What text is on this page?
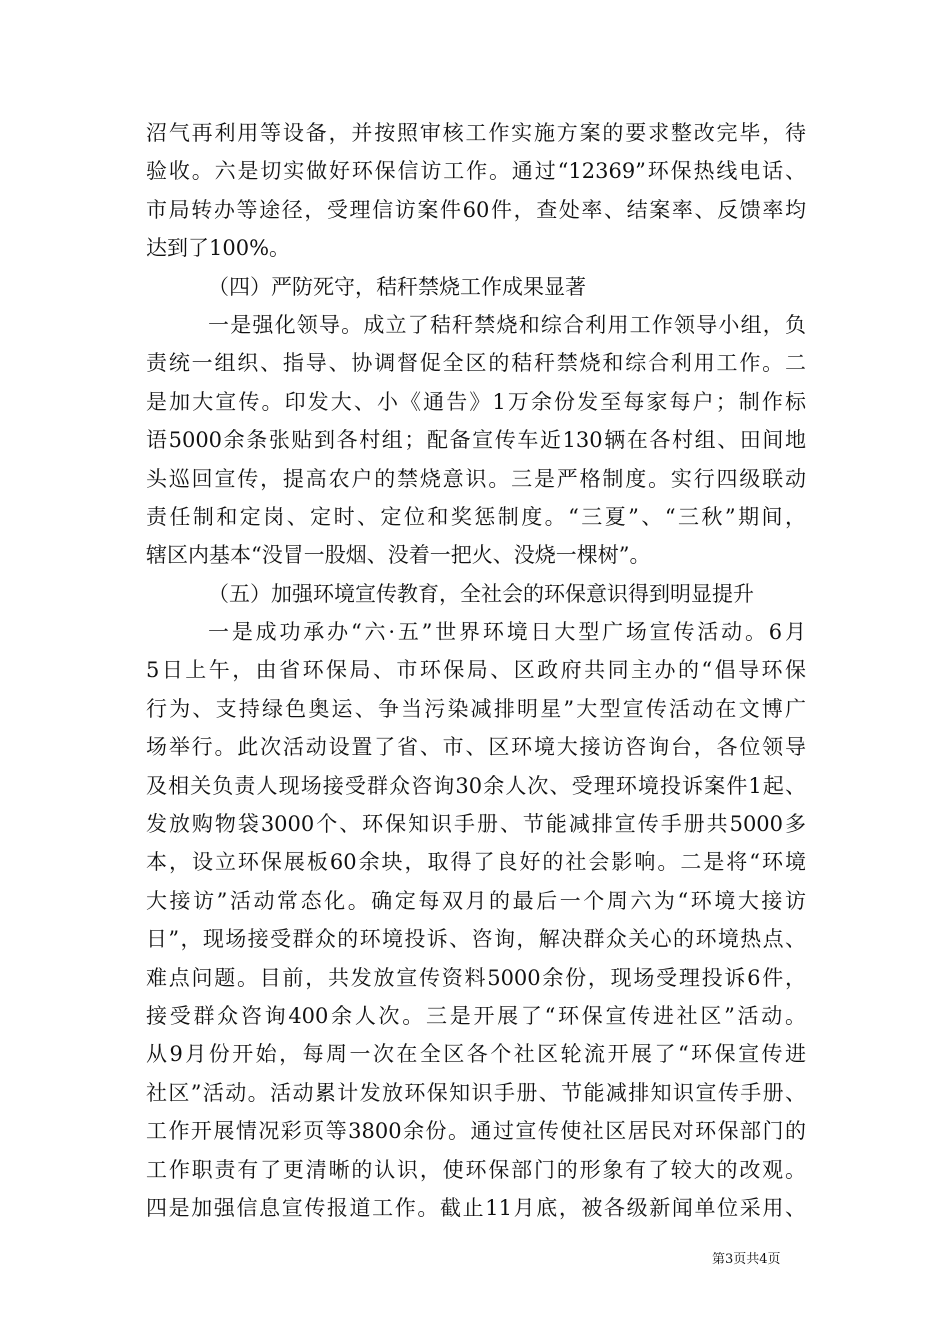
沼气再利用等设备，并按照审核工作实施方案的要求整改完毕，待
验收。六是切实做好环保信访工作。通过“12369”环保热线电话、
市局转办等途径，受理信访案件60件，查处率、结案率、反馈率均
达到了100%。
（四）严防死守，秸秆禁烧工作成果显著
一是强化领导。成立了秸秆禁烧和综合利用工作领导小组，负
责统一组织、指导、协调督促全区的秸秆禁烧和综合利用工作。二
是加大宣传。印发大、小《通告》1万余份发至每家每户；制作标
语5000余条张贴到各村组；配备宣传车近130辆在各村组、田间地
头巡回宣传，提高农户的禁烧意识。三是严格制度。实行四级联动
责任制和定岗、定时、定位和奖惩制度。“三夏”、“三秋”期间，
辖区内基本“没冒一股烟、没着一把火、没烧一棵树”。
（五）加强环境宣传教育，全社会的环保意识得到明显提升
一是成功承办“六·五”世界环境日大型广场宣传活动。6月
5日上午，由省环保局、市环保局、区政府共同主办的“倡导环保
行为、支持绿色奥运、争当污染减排明星”大型宣传活动在文博广
场举行。此次活动设置了省、市、区环境大接访咨询台，各位领导
及相关负责人现场接受群众咨询30余人次、受理环境投诉案件1起、
发放购物袋3000个、环保知识手册、节能减排宣传手册共5000多
本，设立环保展板60余块，取得了良好的社会影响。二是将“环境
大接访”活动常态化。确定每双月的最后一个周六为“环境大接访
日”，现场接受群众的环境投诉、咨询，解决群众关心的环境热点、
难点问题。目前，共发放宣传资料5000余份，现场受理投诉6件，
接受群众咨询400余人次。三是开展了“环保宣传进社区”活动。
从9月份开始，每周一次在全区各个社区轮流开展了“环保宣传进
社区”活动。活动累计发放环保知识手册、节能减排知识宣传手册、
工作开展情况彩页等3800余份。通过宣传使社区居民对环保部门的
工作职责有了更清晰的认识，使环保部门的形象有了较大的改观。
四是加强信息宣传报道工作。截止11月底，被各级新闻单位采用、
第3页共4页
